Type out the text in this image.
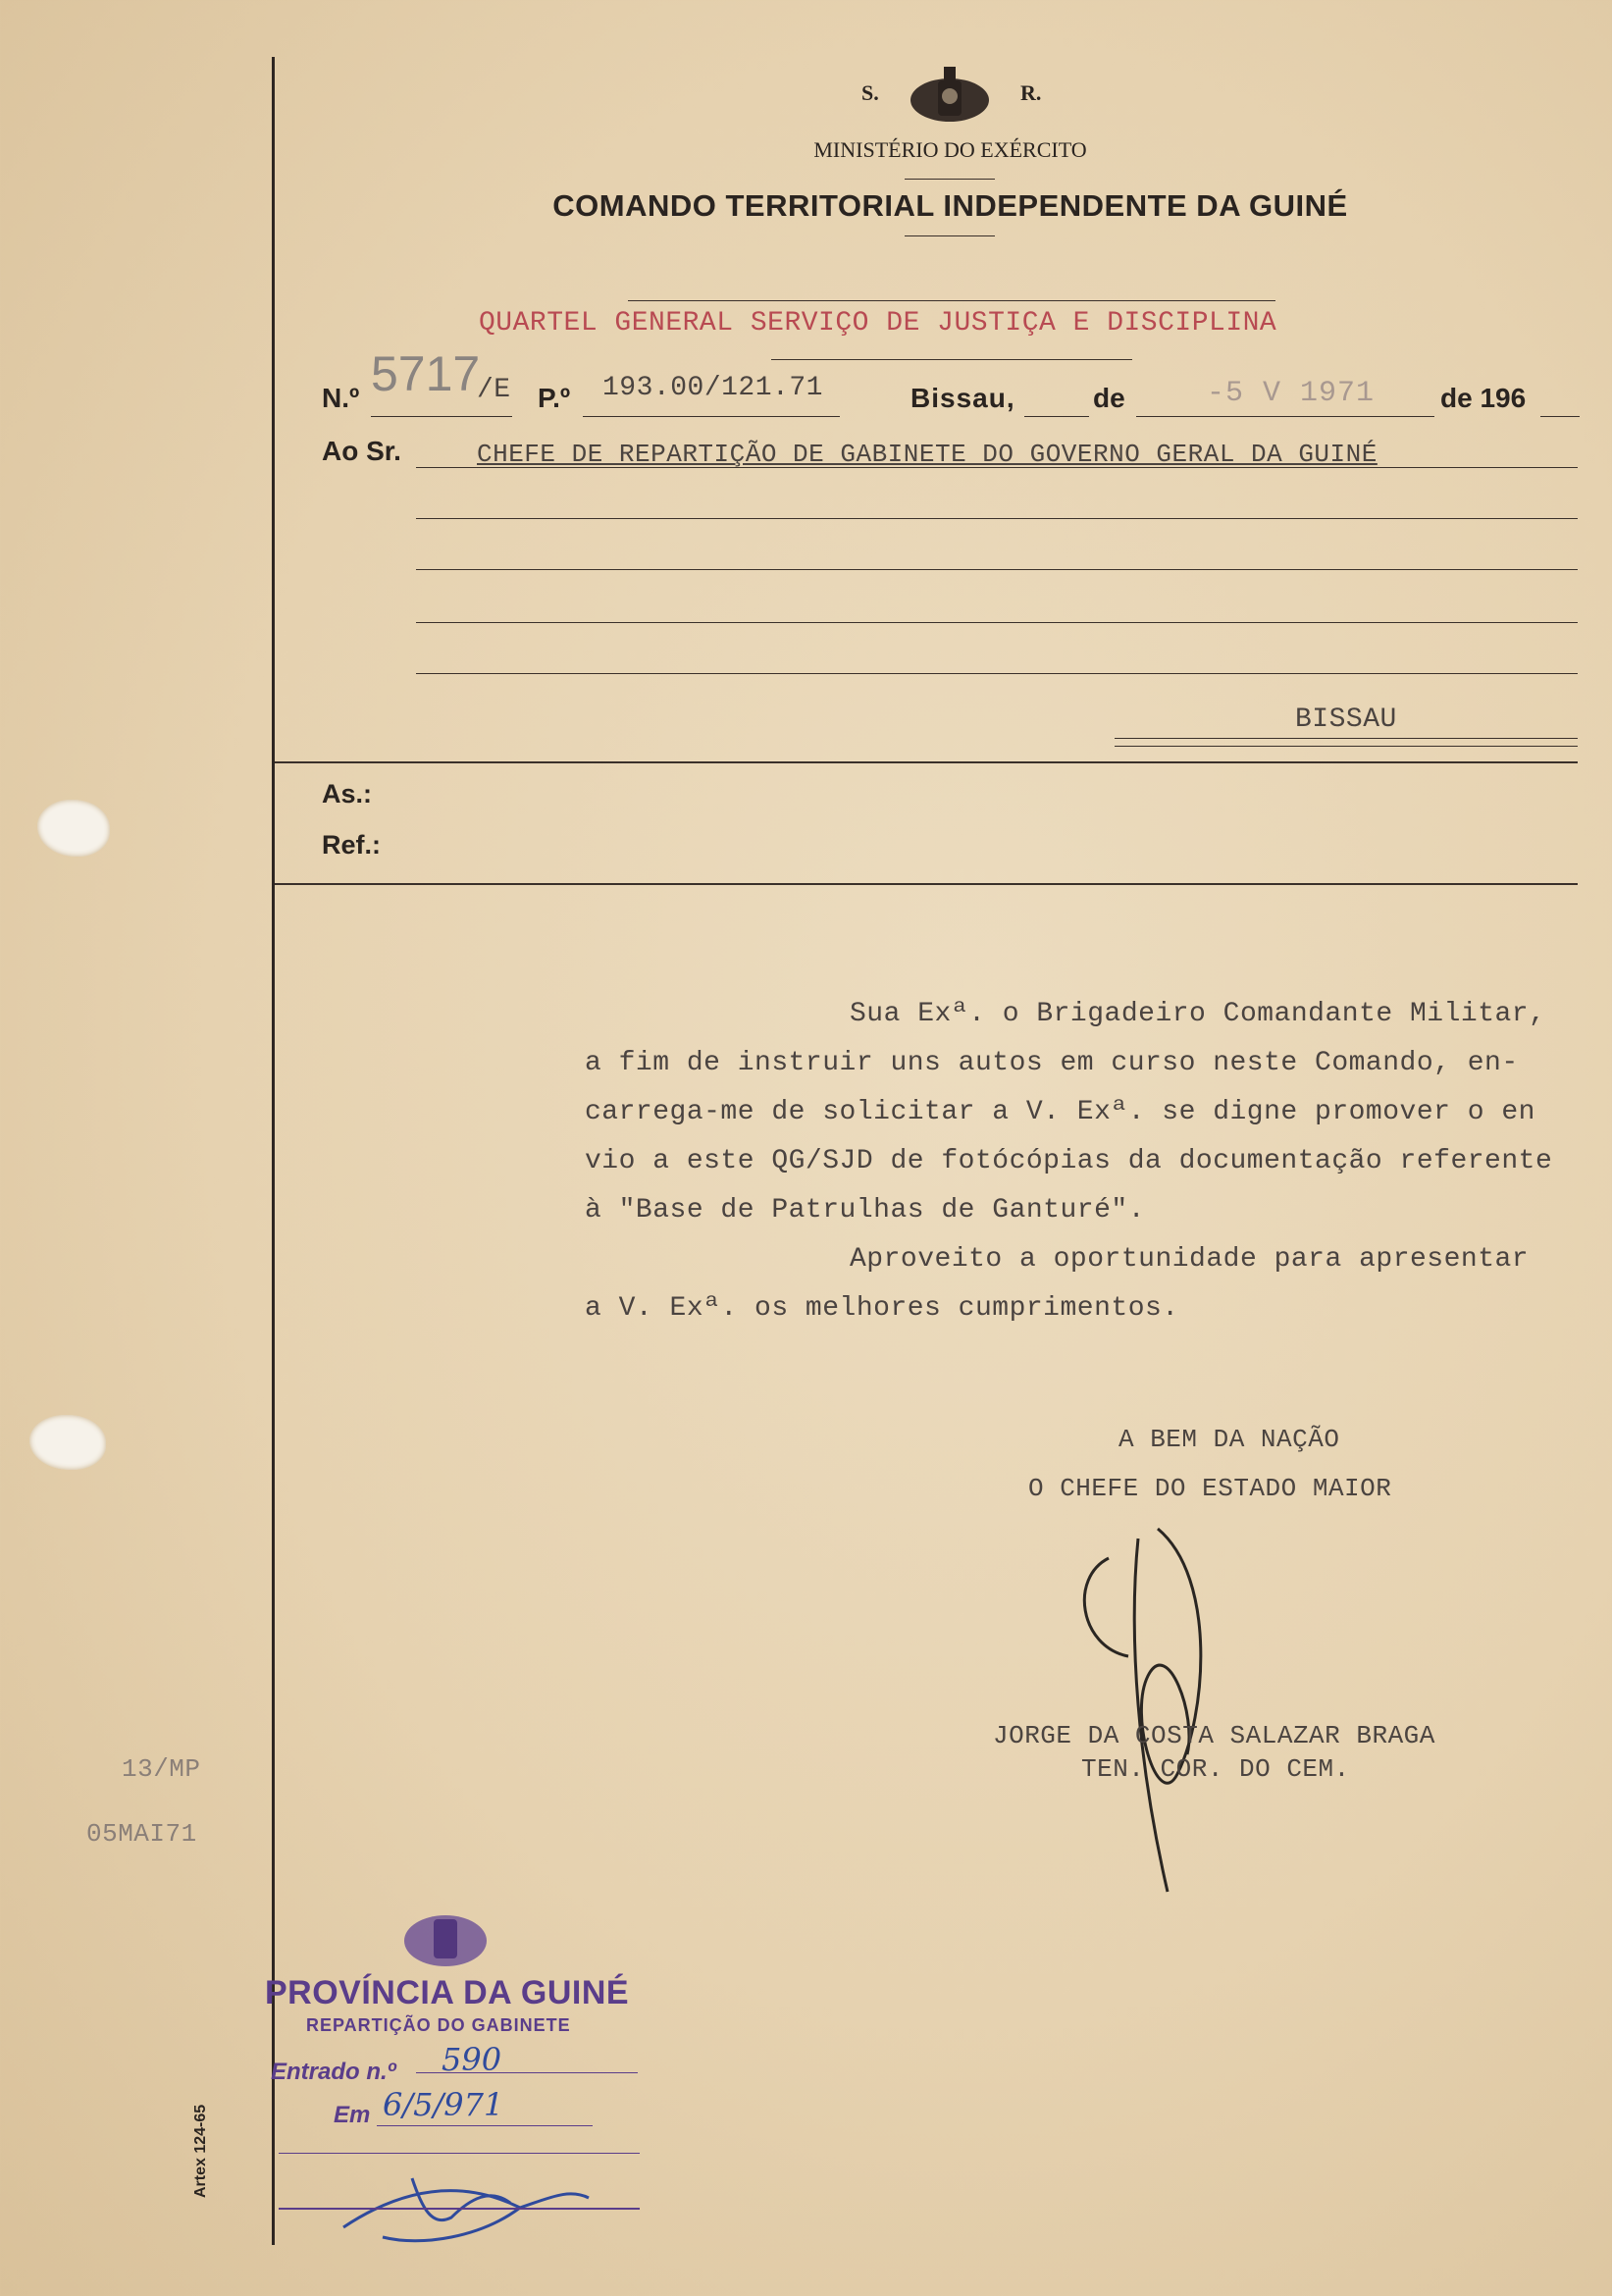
S.	R.
MINISTÉRIO DO EXÉRCITO
COMANDO TERRITORIAL INDEPENDENTE DA GUINÉ
QUARTEL GENERAL SERVIÇO DE JUSTIÇA E DISCIPLINA
N.º 5717
/E P.º 193.00/121.71	Bissau,	de	-5 V 1971 de 196
Ao Sr.	CHEFE DE REPARTIÇÃO DE GABINETE DO GOVERNO GERAL DA GUINÉ
BISSAU
As.:
Ref.:
Sua Exª. o Brigadeiro Comandante Militar,
a fim de instruir uns autos em curso neste Comando, en-
carrega-me de solicitar a V. Exª. se digne promover o en
vio a este QG/SJD de fotócópias da documentação referente
à "Base de Patrulhas de Ganturé".
Aproveito a oportunidade para apresentar
a V. Exª. os melhores cumprimentos.
A BEM DA NAÇÃO
O CHEFE DO ESTADO MAIOR
JORGE DA COSTA SALAZAR BRAGA
TEN. COR. DO CEM.
13/MP
05MAI71
Artex 124-65
PROVÍNCIA DA GUINÉ
REPARTIÇÃO DO GABINETE
Entrado n.º 590
Em 6/5/971
